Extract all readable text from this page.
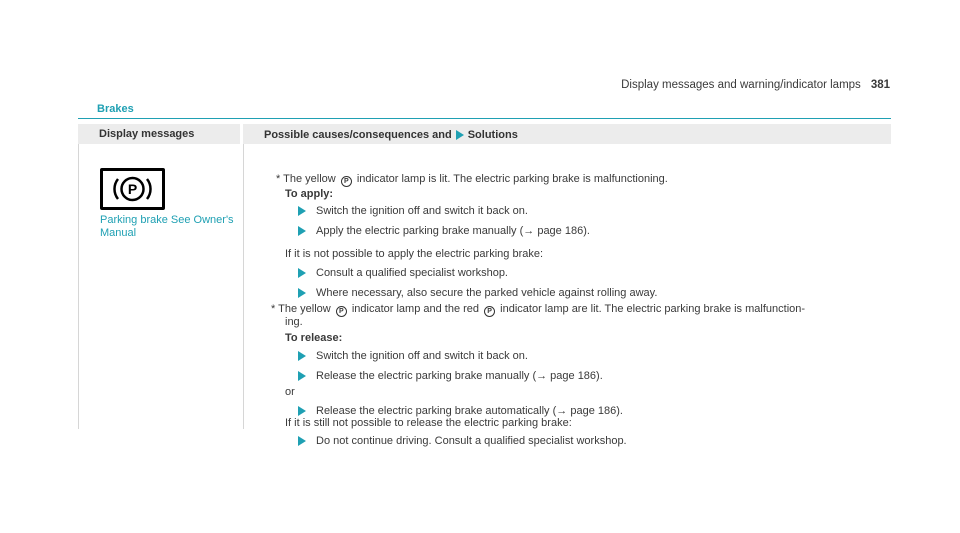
Display messages and warning/indicator lamps 381
Brakes
Display messages	Possible causes/consequences and Solutions
P
Parking brake See Owner's Manual
* The yellow P indicator lamp is lit. The electric parking brake is malfunctioning.
To apply:
Switch the ignition off and switch it back on.
Apply the electric parking brake manually (→ page 186).
If it is not possible to apply the electric parking brake:
Consult a qualified specialist workshop.
Where necessary, also secure the parked vehicle against rolling away.
* The yellow P indicator lamp and the red P indicator lamp are lit. The electric parking brake is malfunction-
ing.
To release:
Switch the ignition off and switch it back on.
Release the electric parking brake manually (→ page 186).
or
Release the electric parking brake automatically (→ page 186).
If it is still not possible to release the electric parking brake:
Do not continue driving. Consult a qualified specialist workshop.
